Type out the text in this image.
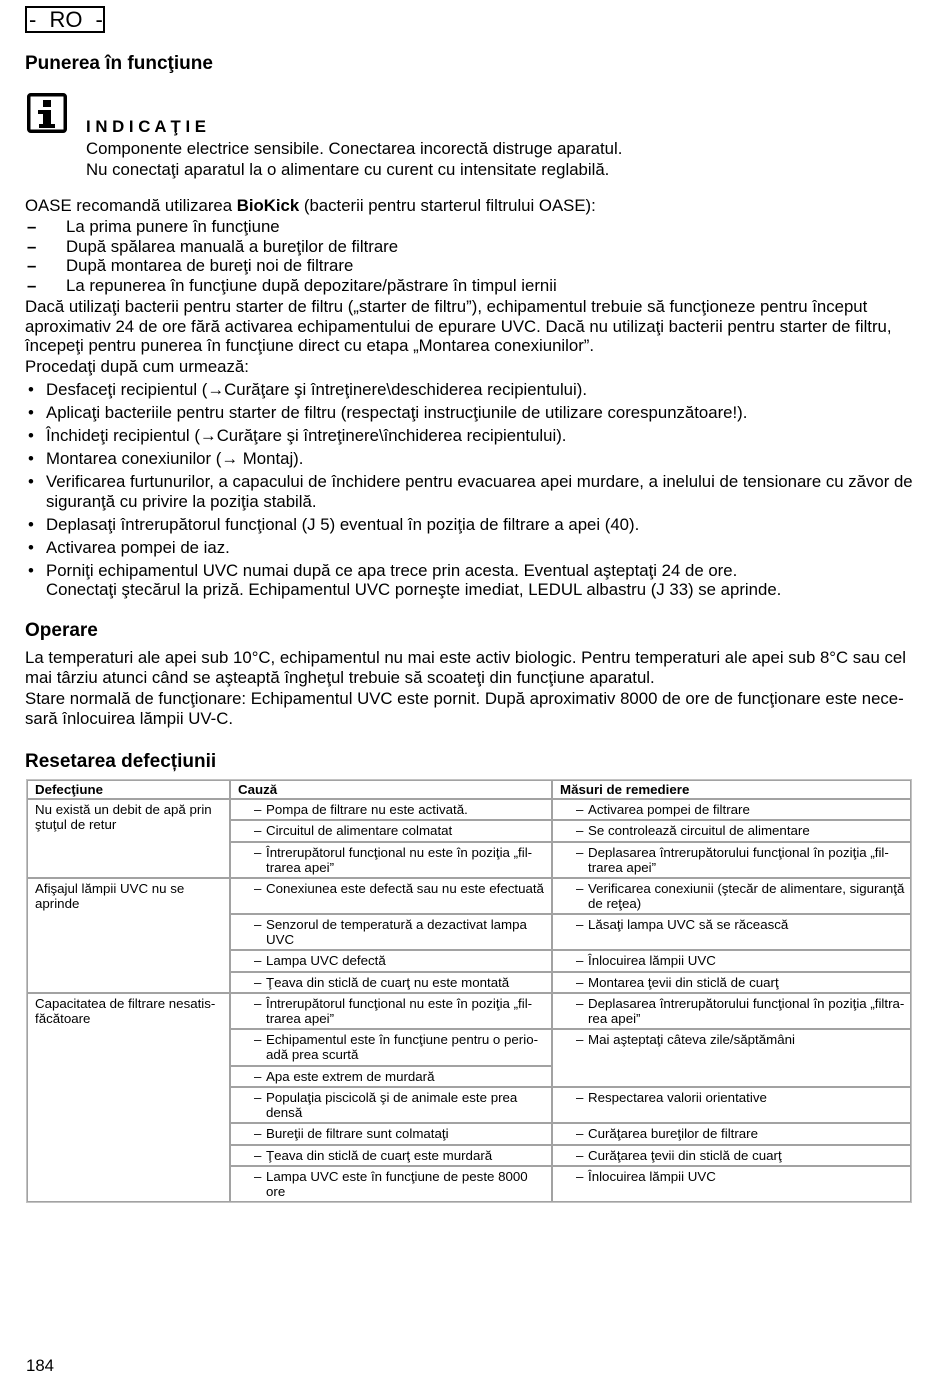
- RO -
Punerea în funcţiune
I N D I C A Ţ I E
Componente electrice sensibile. Conectarea incorectă distruge aparatul.
Nu conectaţi aparatul la o alimentare cu curent cu intensitate reglabilă.

OASE recomandă utilizarea BioKick (bacterii pentru starterul filtrului OASE):

– La prima punere în funcţiune
– După spălarea manuală a bureţilor de filtrare
– După montarea de bureţi noi de filtrare
– La repunerea în funcţiune după depozitare/păstrare în timpul iernii

Dacă utilizaţi bacterii pentru starter de filtru („starter de filtru”), echipamentul trebuie să funcţioneze pentru început
aproximativ 24 de ore fără activarea echipamentului de epurare UVC. Dacă nu utilizaţi bacterii pentru starter de filtru,
începeţi pentru punerea în funcţiune direct cu etapa „Montarea conexiunilor”.

Procedaţi după cum urmează:

• Desfaceţi recipientul (→Curăţare şi întreţinere\deschiderea recipientului).
• Aplicaţi bacteriile pentru starter de filtru (respectaţi instrucţiunile de utilizare corespunzătoare!).
• Închideţi recipientul (→Curăţare şi întreţinere\închiderea recipientului).
• Montarea conexiunilor (→ Montaj).
• Verificarea furtunurilor, a capacului de închidere pentru evacuarea apei murdare, a inelului de tensionare cu zăvor de
siguranţă cu privire la poziţia stabilă.
• Deplasaţi întrerupătorul funcţional (J 5) eventual în poziţia de filtrare a apei (40).
• Activarea pompei de iaz.
• Porniţi echipamentul UVC numai după ce apa trece prin acesta. Eventual aşteptaţi 24 de ore.
Conectaţi ştecărul la priză. Echipamentul UVC porneşte imediat, LEDUL albastru (J 33) se aprinde.
Operare

La temperaturi ale apei sub 10°C, echipamentul nu mai este activ biologic. Pentru temperaturi ale apei sub 8°C sau cel
mai târziu atunci când se aşteaptă îngheţul trebuie să scoateţi din funcţiune aparatul.

Stare normală de funcţionare: Echipamentul UVC este pornit. După aproximativ 8000 de ore de funcţionare este nece-
sară înlocuirea lămpii UV-C.

Resetarea defecțiunii
Defecţiune	Cauză	Măsuri de remediere
Nu există un debit de apă prin
ştuţul de retur	– Pompa de filtrare nu este activată.	– Activarea pompei de filtrare
	– Circuitul de alimentare colmatat	– Se controlează circuitul de alimentare
	– Întrerupătorul funcţional nu este în poziţia „fil-
trarea apei”	– Deplasarea întrerupătorului funcţional în poziţia „fil-
trarea apei”
Afişajul lămpii UVC nu se
aprinde	– Conexiunea este defectă sau nu este efectuată	– Verificarea conexiunii (ştecăr de alimentare, siguranţă
de reţea)
	– Senzorul de temperatură a dezactivat lampa
UVC	– Lăsaţi lampa UVC să se răcească
	– Lampa UVC defectă	– Înlocuirea lămpii UVC
	– Ţeava din sticlă de cuarţ nu este montată	– Montarea ţevii din sticlă de cuarţ
Capacitatea de filtrare nesatis-
făcătoare	– Întrerupătorul funcţional nu este în poziţia „fil-
trarea apei”	– Deplasarea întrerupătorului funcţional în poziţia „filtra-
rea apei”
	– Echipamentul este în funcţiune pentru o perio-
adă prea scurtă	– Mai aşteptaţi câteva zile/săptămâni
	– Apa este extrem de murdară
	– Populaţia piscicolă şi de animale este prea
densă	– Respectarea valorii orientative
	– Bureţii de filtrare sunt colmataţi	– Curăţarea bureţilor de filtrare
	– Ţeava din sticlă de cuarţ este murdară	– Curăţarea ţevii din sticlă de cuarţ
	– Lampa UVC este în funcţiune de peste 8000
ore	– Înlocuirea lămpii UVC
184
